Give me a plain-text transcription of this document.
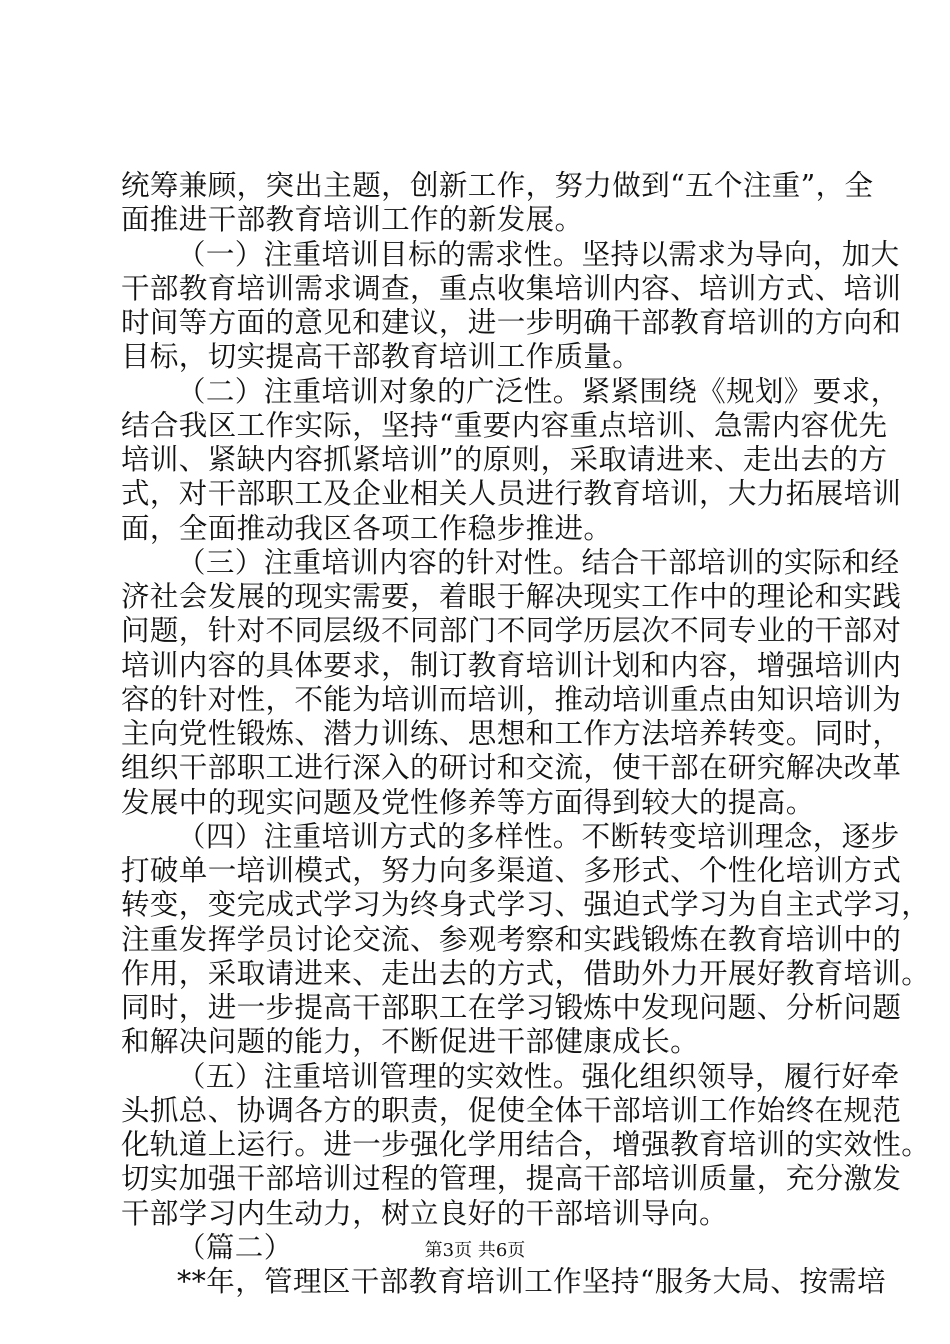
统筹兼顾，突出主题，创新工作，努力做到“五个注重”，全
面推进干部教育培训工作的新发展。
（一）注重培训目标的需求性。坚持以需求为导向，加大
干部教育培训需求调查，重点收集培训内容、培训方式、培训
时间等方面的意见和建议，进一步明确干部教育培训的方向和
目标，切实提高干部教育培训工作质量。
（二）注重培训对象的广泛性。紧紧围绕《规划》要求，
结合我区工作实际，坚持“重要内容重点培训、急需内容优先
培训、紧缺内容抓紧培训”的原则，采取请进来、走出去的方
式，对干部职工及企业相关人员进行教育培训，大力拓展培训
面，全面推动我区各项工作稳步推进。
（三）注重培训内容的针对性。结合干部培训的实际和经
济社会发展的现实需要，着眼于解决现实工作中的理论和实践
问题，针对不同层级不同部门不同学历层次不同专业的干部对
培训内容的具体要求，制订教育培训计划和内容，增强培训内
容的针对性，不能为培训而培训，推动培训重点由知识培训为
主向党性锻炼、潜力训练、思想和工作方法培养转变。同时，
组织干部职工进行深入的研讨和交流，使干部在研究解决改革
发展中的现实问题及党性修养等方面得到较大的提高。
（四）注重培训方式的多样性。不断转变培训理念，逐步
打破单一培训模式，努力向多渠道、多形式、个性化培训方式
转变，变完成式学习为终身式学习、强迫式学习为自主式学习，
注重发挥学员讨论交流、参观考察和实践锻炼在教育培训中的
作用，采取请进来、走出去的方式，借助外力开展好教育培训。
同时，进一步提高干部职工在学习锻炼中发现问题、分析问题
和解决问题的能力，不断促进干部健康成长。
（五）注重培训管理的实效性。强化组织领导，履行好牵
头抓总、协调各方的职责，促使全体干部培训工作始终在规范
化轨道上运行。进一步强化学用结合，增强教育培训的实效性。
切实加强干部培训过程的管理，提高干部培训质量，充分激发
干部学习内生动力，树立良好的干部培训导向。
（篇二）
**年，管理区干部教育培训工作坚持“服务大局、按需培
第3页 共6页
